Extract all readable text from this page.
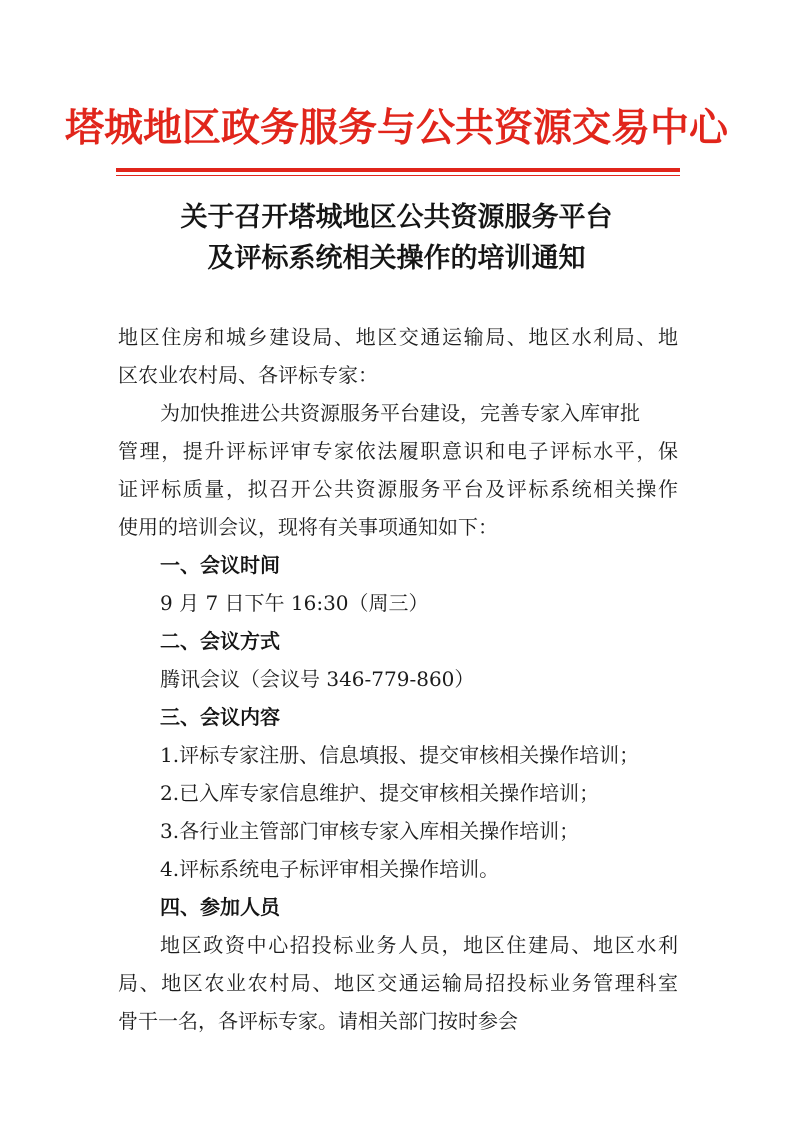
塔城地区政务服务与公共资源交易中心
关于召开塔城地区公共资源服务平台
及评标系统相关操作的培训通知
地区住房和城乡建设局、地区交通运输局、地区水利局、地
区农业农村局、各评标专家：
为加快推进公共资源服务平台建设，完善专家入库审批
管理，提升评标评审专家依法履职意识和电子评标水平，保
证评标质量，拟召开公共资源服务平台及评标系统相关操作
使用的培训会议，现将有关事项通知如下：
一、会议时间
9 月 7 日下午 16:30（周三）
二、会议方式
腾讯会议（会议号 346-779-860）
三、会议内容
1.评标专家注册、信息填报、提交审核相关操作培训；
2.已入库专家信息维护、提交审核相关操作培训；
3.各行业主管部门审核专家入库相关操作培训；
4.评标系统电子标评审相关操作培训。
四、参加人员
地区政资中心招投标业务人员，地区住建局、地区水利
局、地区农业农村局、地区交通运输局招投标业务管理科室
骨干一名，各评标专家。请相关部门按时参会
